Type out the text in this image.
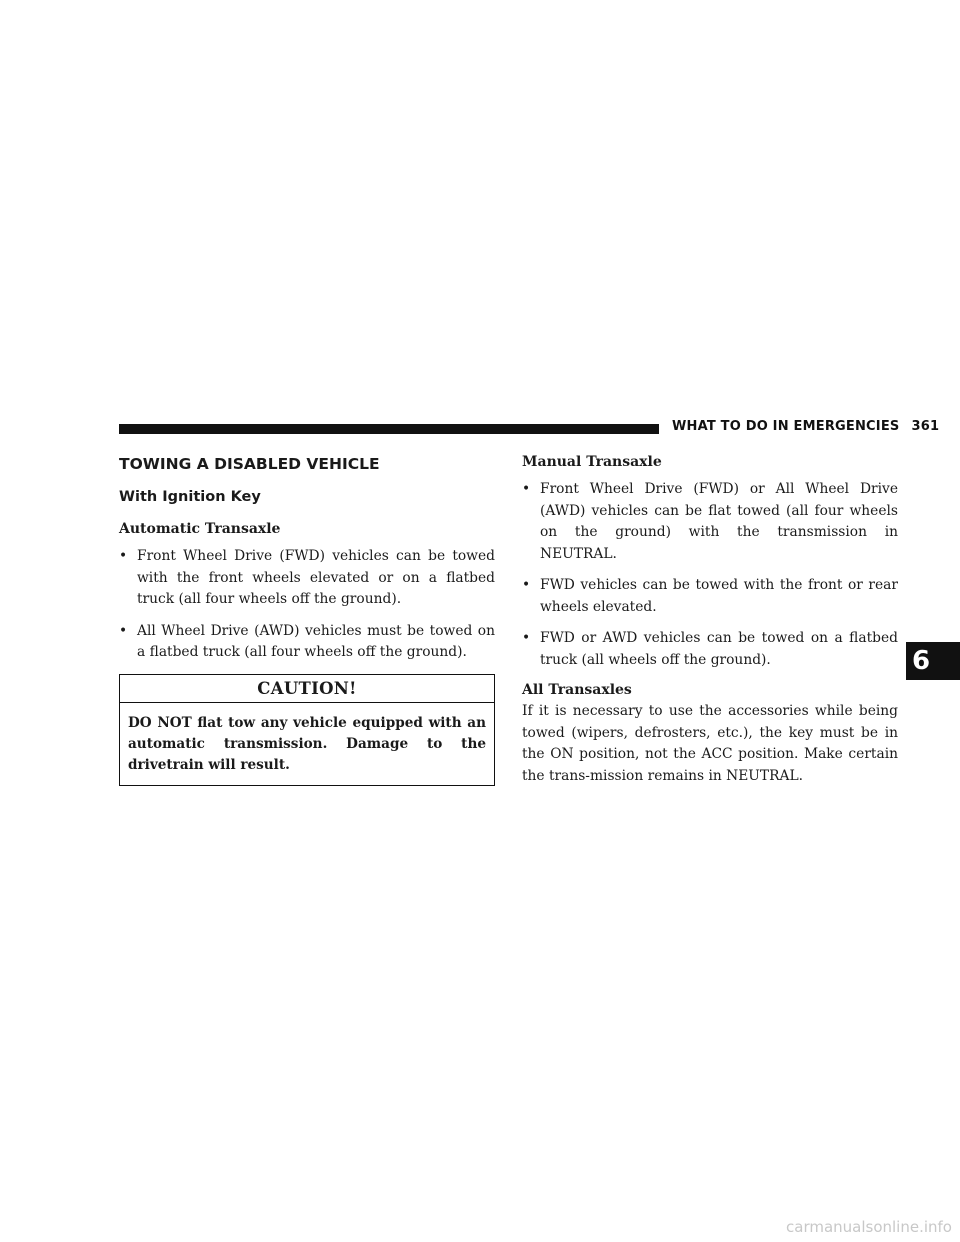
WHAT TO DO IN EMERGENCIES 361
TOWING A DISABLED VEHICLE
With Ignition Key
Automatic Transaxle
• Front Wheel Drive (FWD) vehicles can be towed with the front wheels elevated or on a flatbed truck (all four wheels off the ground).
• All Wheel Drive (AWD) vehicles must be towed on a flatbed truck (all four wheels off the ground).
CAUTION!
DO NOT flat tow any vehicle equipped with an automatic transmission. Damage to the drivetrain will result.
Manual Transaxle
• Front Wheel Drive (FWD) or All Wheel Drive (AWD) vehicles can be flat towed (all four wheels on the ground) with the transmission in NEUTRAL.
• FWD vehicles can be towed with the front or rear wheels elevated.
• FWD or AWD vehicles can be towed on a flatbed truck (all wheels off the ground).
All Transaxles

If it is necessary to use the accessories while being towed (wipers, defrosters, etc.), the key must be in the ON position, not the ACC position. Make certain the trans-mission remains in NEUTRAL.

6
carmanualsonline.info
